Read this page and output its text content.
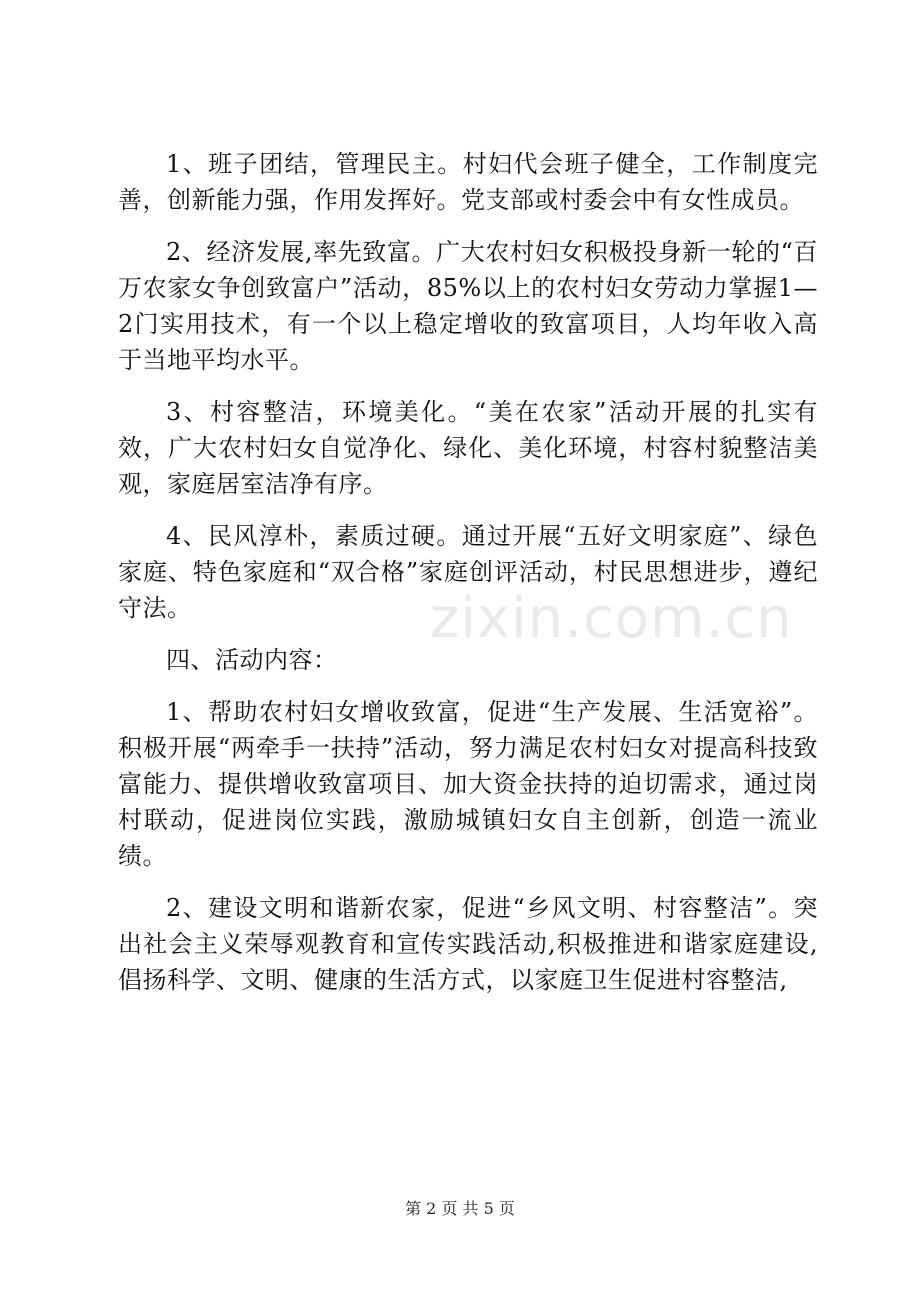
1、班子团结，管理民主。村妇代会班子健全，工作制度完善，创新能力强，作用发挥好。党支部或村委会中有女性成员。

2、经济发展,率先致富。广大农村妇女积极投身新一轮的“百万农家女争创致富户”活动，85%以上的农村妇女劳动力掌握1—2门实用技术，有一个以上稳定增收的致富项目，人均年收入高于当地平均水平。

3、村容整洁，环境美化。“美在农家”活动开展的扎实有效，广大农村妇女自觉净化、绿化、美化环境，村容村貌整洁美观，家庭居室洁净有序。

4、民风淳朴，素质过硬。通过开展“五好文明家庭”、绿色家庭、特色家庭和“双合格”家庭创评活动，村民思想进步，遵纪守法。

四、活动内容：

1、帮助农村妇女增收致富，促进“生产发展、生活宽裕”。积极开展“两牵手一扶持”活动，努力满足农村妇女对提高科技致富能力、提供增收致富项目、加大资金扶持的迫切需求，通过岗村联动，促进岗位实践，激励城镇妇女自主创新，创造一流业绩。

2、建设文明和谐新农家，促进“乡风文明、村容整洁”。突出社会主义荣辱观教育和宣传实践活动,积极推进和谐家庭建设,倡扬科学、文明、健康的生活方式，以家庭卫生促进村容整洁,

zixin.com.cn
第 2 页 共 5 页
